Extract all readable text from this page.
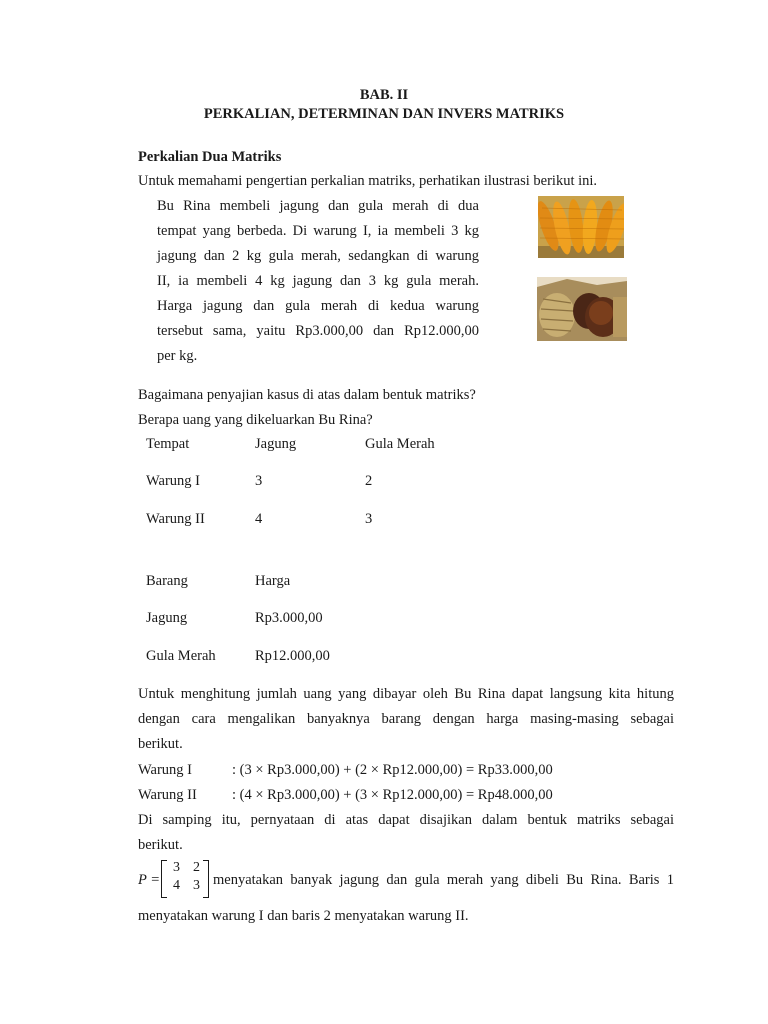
BAB. II
PERKALIAN, DETERMINAN DAN INVERS MATRIKS
Perkalian Dua Matriks
Untuk memahami pengertian perkalian matriks, perhatikan ilustrasi berikut ini.
Bu Rina membeli jagung dan gula merah di dua
tempat yang berbeda. Di warung I, ia membeli 3 kg
jagung dan 2 kg gula merah, sedangkan di warung
II, ia membeli 4 kg jagung dan 3 kg gula merah.
Harga jagung dan gula merah di kedua warung
tersebut sama, yaitu Rp3.000,00 dan Rp12.000,00
per kg.
Bagaimana penyajian kasus di atas dalam bentuk matriks?
Berapa uang yang dikeluarkan Bu Rina?
Tempat	Jagung	Gula Merah
Warung I	3	2
Warung II	4	3
Barang	Harga
Jagung	Rp3.000,00
Gula Merah	Rp12.000,00
Untuk menghitung jumlah uang yang dibayar oleh Bu Rina dapat langsung kita hitung
dengan cara mengalikan banyaknya barang dengan harga masing-masing sebagai
berikut.
Warung I	: (3 × Rp3.000,00) + (2 × Rp12.000,00) = Rp33.000,00
Warung II : (4 × Rp3.000,00) + (3 × Rp12.000,00) = Rp48.000,00
Di samping itu, pernyataan di atas dapat disajikan dalam bentuk matriks sebagai
berikut.
P =
3 2
4 3 menyatakan banyak jagung dan gula merah yang dibeli Bu Rina. Baris 1
menyatakan warung I dan baris 2 menyatakan warung II.
